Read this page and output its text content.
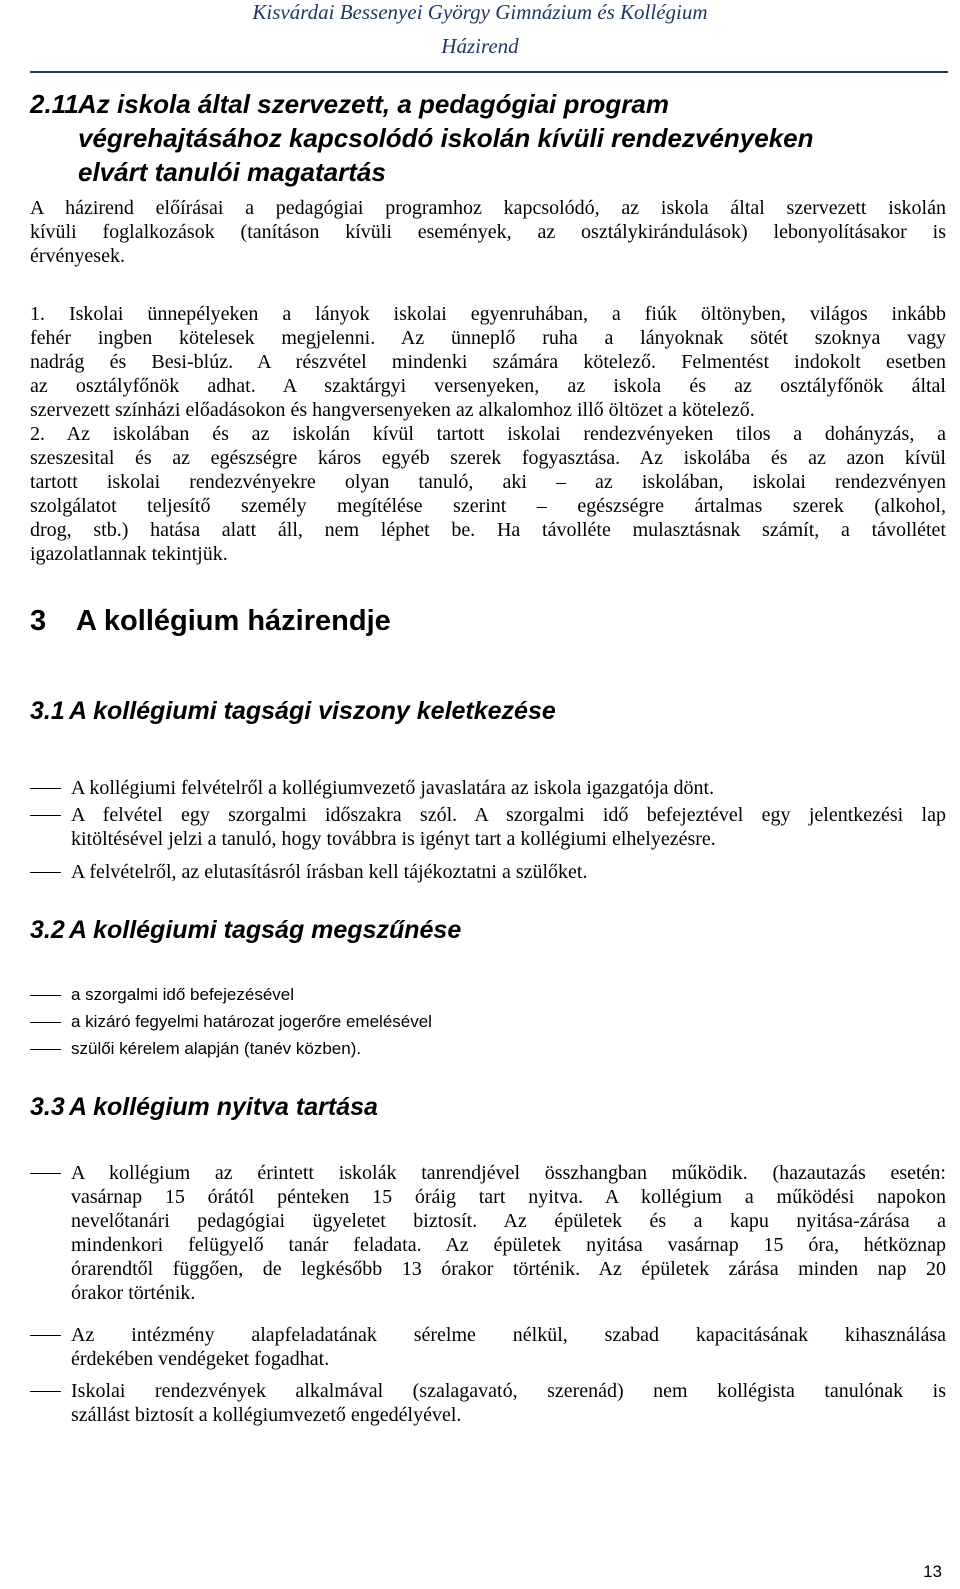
Kisvárdai Bessenyei György Gimnázium és Kollégium
Házirend
2.11Az iskola által szervezett, a pedagógiai program
végrehajtásához kapcsolódó iskolán kívüli rendezvényeken
elvárt tanulói magatartás
A házirend előírásai a pedagógiai programhoz kapcsolódó, az iskola által szervezett iskolán
kívüli foglalkozások (tanításon kívüli események, az osztálykirándulások) lebonyolításakor is
érvényesek.
1. Iskolai ünnepélyeken a lányok iskolai egyenruhában, a fiúk öltönyben, világos inkább
fehér ingben kötelesek megjelenni. Az ünneplő ruha a lányoknak sötét szoknya vagy
nadrág és Besi-blúz. A részvétel mindenki számára kötelező. Felmentést indokolt esetben
az osztályfőnök adhat. A szaktárgyi versenyeken, az iskola és az osztályfőnök által
szervezett színházi előadásokon és hangversenyeken az alkalomhoz illő öltözet a kötelező.
2. Az iskolában és az iskolán kívül tartott iskolai rendezvényeken tilos a dohányzás, a
szeszesital és az egészségre káros egyéb szerek fogyasztása. Az iskolába és az azon kívül
tartott iskolai rendezvényekre olyan tanuló, aki – az iskolában, iskolai rendezvényen
szolgálatot teljesítő személy megítélése szerint – egészségre ártalmas szerek (alkohol,
drog, stb.) hatása alatt áll, nem léphet be. Ha távolléte mulasztásnak számít, a távollétet
igazolatlannak tekintjük.
3 A kollégium házirendje
3.1 A kollégiumi tagsági viszony keletkezése
A kollégiumi felvételről a kollégiumvezető javaslatára az iskola igazgatója dönt.
A felvétel egy szorgalmi időszakra szól. A szorgalmi idő befejeztével egy jelentkezési lap
kitöltésével jelzi a tanuló, hogy továbbra is igényt tart a kollégiumi elhelyezésre.
A felvételről, az elutasításról írásban kell tájékoztatni a szülőket.
3.2 A kollégiumi tagság megszűnése
a szorgalmi idő befejezésével
a kizáró fegyelmi határozat jogerőre emelésével
szülői kérelem alapján (tanév közben).
3.3 A kollégium nyitva tartása
A kollégium az érintett iskolák tanrendjével összhangban működik. (hazautazás esetén:
vasárnap 15 órától pénteken 15 óráig tart nyitva. A kollégium a működési napokon
nevelőtanári pedagógiai ügyeletet biztosít. Az épületek és a kapu nyitása-zárása a
mindenkori felügyelő tanár feladata. Az épületek nyitása vasárnap 15 óra, hétköznap
órarendtől függően, de legkésőbb 13 órakor történik. Az épületek zárása minden nap 20
órakor történik.
Az intézmény alapfeladatának sérelme nélkül, szabad kapacitásának kihasználása
érdekében vendégeket fogadhat.
Iskolai rendezvények alkalmával (szalagavató, szerenád) nem kollégista tanulónak is
szállást biztosít a kollégiumvezető engedélyével.
13
